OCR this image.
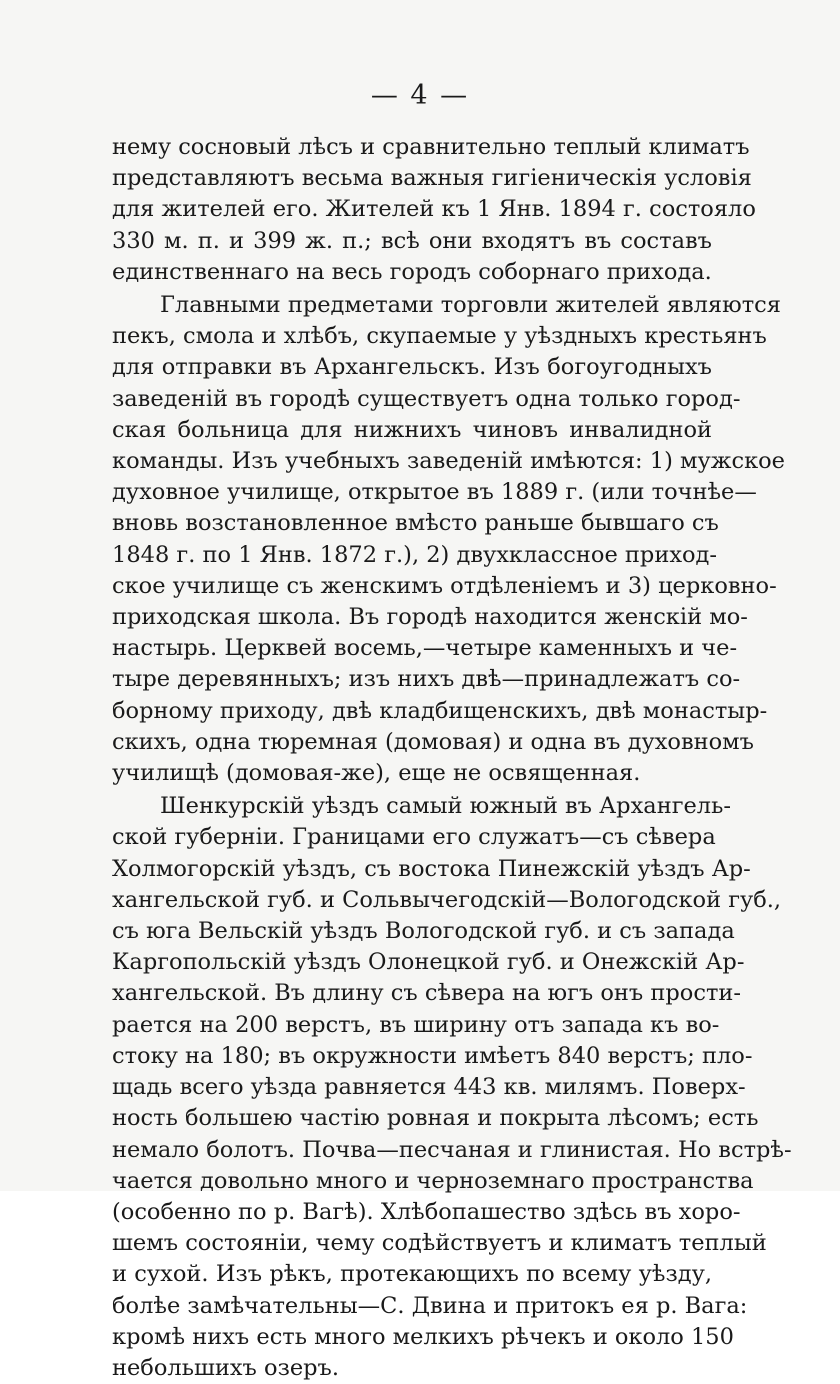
— 4 —
нему сосновый лѣсъ и сравнительно теплый климатъ
представляютъ весьма важныя гигіеническія условія
для жителей его. Жителей къ 1 Янв. 1894 г. состояло
330 м. п. и 399 ж. п.; всѣ они входятъ въ составъ
единственнаго на весь городъ соборнаго прихода.
Главными предметами торговли жителей являются
пекъ, смола и хлѣбъ, скупаемые у уѣздныхъ крестьянъ
для отправки въ Архангельскъ. Изъ богоугодныхъ
заведеній въ городѣ существуетъ одна только город-
ская больница для нижнихъ чиновъ инвалидной
команды. Изъ учебныхъ заведеній имѣются: 1) мужское
духовное училище, открытое въ 1889 г. (или точнѣе—
вновь возстановленное вмѣсто раньше бывшаго съ
1848 г. по 1 Янв. 1872 г.), 2) двухклассное приход-
ское училище съ женскимъ отдѣленіемъ и 3) церковно-
приходская школа. Въ городѣ находится женскій мо-
настырь. Церквей восемь,—четыре каменныхъ и че-
тыре деревянныхъ; изъ нихъ двѣ—принадлежатъ со-
борному приходу, двѣ кладбищенскихъ, двѣ монастыр-
скихъ, одна тюремная (домовая) и одна въ духовномъ
училищѣ (домовая-же), еще не освященная.
Шенкурскій уѣздъ самый южный въ Архангель-
ской губерніи. Границами его служатъ—съ сѣвера
Холмогорскій уѣздъ, съ востока Пинежскій уѣздъ Ар-
хангельской губ. и Сольвычегодскій—Вологодской губ.,
съ юга Вельскій уѣздъ Вологодской губ. и съ запада
Каргопольскій уѣздъ Олонецкой губ. и Онежскій Ар-
хангельской. Въ длину съ сѣвера на югъ онъ прости-
рается на 200 верстъ, въ ширину отъ запада къ во-
стоку на 180; въ окружности имѣетъ 840 верстъ; пло-
щадь всего уѣзда равняется 443 кв. милямъ. Поверх-
ность большею частію ровная и покрыта лѣсомъ; есть
немало болотъ. Почва—песчаная и глинистая. Но встрѣ-
чается довольно много и черноземнаго пространства
(особенно по р. Вагѣ). Хлѣбопашество здѣсь въ хоро-
шемъ состояніи, чему содѣйствуетъ и климатъ теплый
и сухой. Изъ рѣкъ, протекающихъ по всему уѣзду,
болѣе замѣчательны—С. Двина и притокъ ея р. Вага:
кромѣ нихъ есть много мелкихъ рѣчекъ и около 150
небольшихъ озеръ.
